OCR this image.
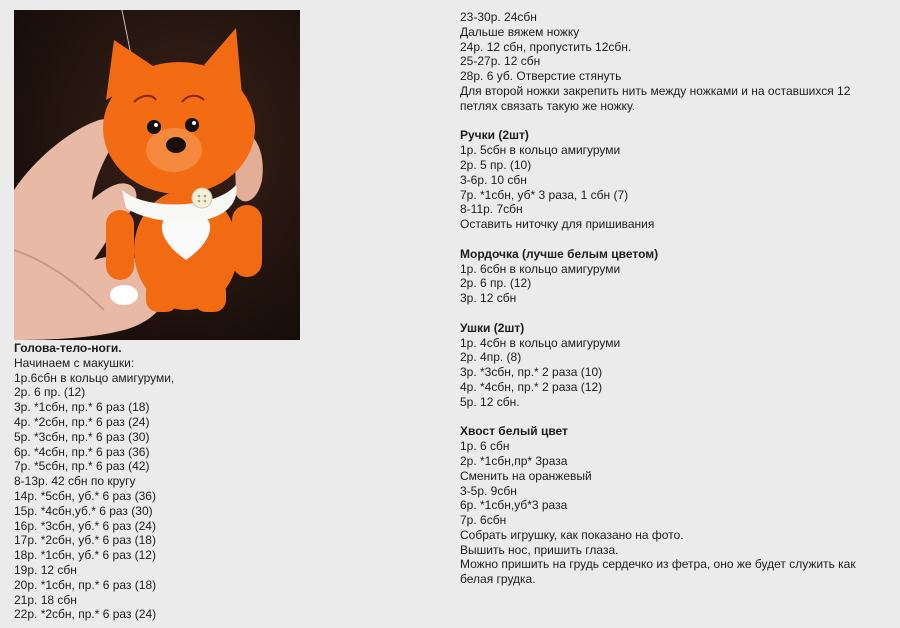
Голова-тело-ноги.
Начинаем с макушки:
1р.6сбн в кольцо амигуруми,
2р. 6 пр. (12)
3р. *1сбн, пр.* 6 раз (18)
4р. *2сбн, пр.* 6 раз (24)
5р. *3сбн, пр.* 6 раз (30)
6р. *4сбн, пр.* 6 раз (36)
7р. *5сбн, пр.* 6 раз (42)
8-13р. 42 сбн по кругу
14р. *5сбн, уб.* 6 раз (36)
15р. *4сбн,уб.* 6 раз (30)
16р. *3сбн, уб.* 6 раз (24)
17р. *2сбн, уб.* 6 раз (18)
18р. *1сбн, уб.* 6 раз (12)
19р. 12 сбн
20р. *1сбн, пр.* 6 раз (18)
21р. 18 сбн
22р. *2сбн, пр.* 6 раз (24)
23-30р. 24сбн
Дальше вяжем ножку
24р. 12 сбн, пропустить 12сбн.
25-27р. 12 сбн
28р. 6 уб. Отверстие стянуть
Для второй ножки закрепить нить между ножками и на оставшихся 12 петлях связать такую же ножку.
Ручки (2шт)
1р. 5сбн в кольцо амигуруми
2р. 5 пр. (10)
3-6р. 10 сбн
7р. *1сбн, уб* 3 раза, 1 сбн (7)
8-11р. 7сбн
Оставить ниточку для пришивания
Мордочка (лучше белым цветом)
1р. 6сбн в кольцо амигуруми
2р. 6 пр. (12)
3р. 12 сбн
Ушки (2шт)
1р. 4сбн в кольцо амигуруми
2р. 4пр. (8)
3р. *3сбн, пр.* 2 раза (10)
4р. *4сбн, пр.* 2 раза (12)
5р. 12 сбн.
Хвост белый цвет
1р. 6 сбн
2р. *1сбн,пр* 3раза
Сменить на оранжевый
3-5р. 9сбн
6р. *1сбн,уб*3 раза
7р. 6сбн
Собрать игрушку, как показано на фото.
Вышить нос, пришить глаза.
Можно пришить на грудь сердечко из фетра, оно же будет служить как белая грудка.
